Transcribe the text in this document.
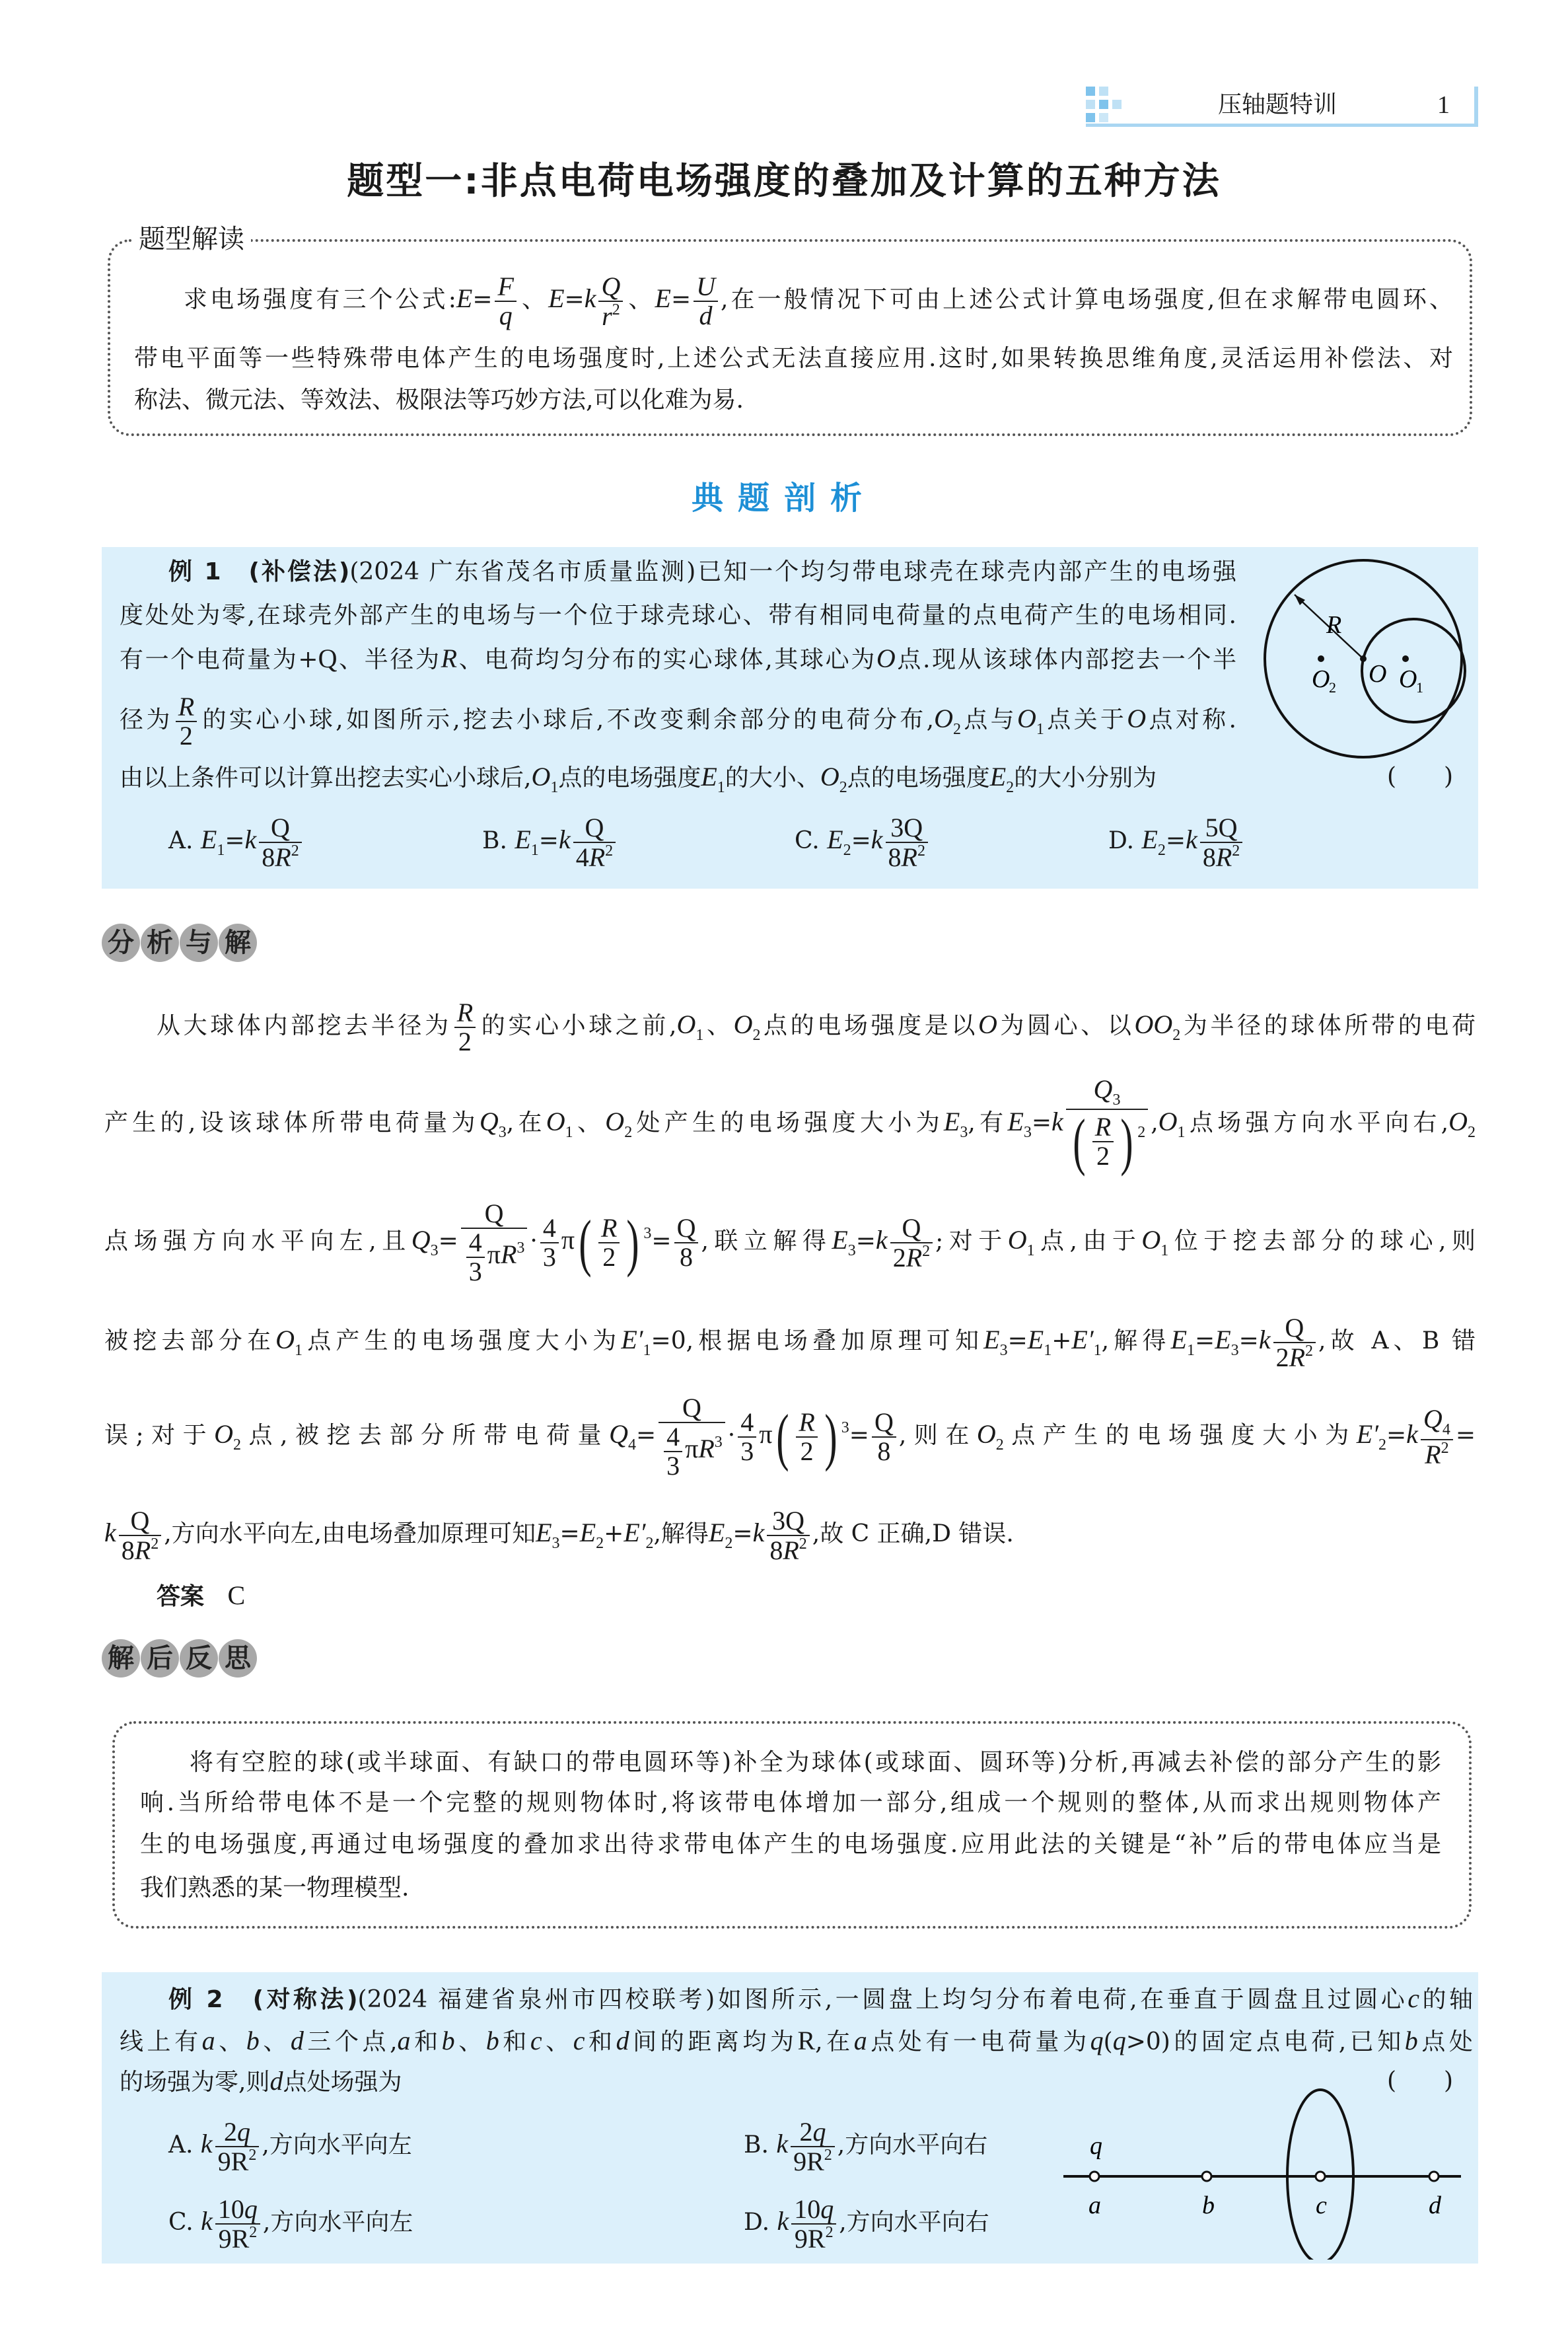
压轴题特训	1
题型一:非点电荷电场强度的叠加及计算的五种方法
题型解读
求电场强度有三个公式:E= $\frac{F}{q}$ 、$E=k \frac{Q}{r^2}$ 、$E= \frac{U}{d}$ ,在一般情况下可由上述公式计算电场强度,但在求解带电圆环、
带电平面等一些特殊带电体产生的电场强度时,上述公式无法直接应用.这时,如果转换思维角度,灵活运用补偿法、对
称法、微元法、等效法、极限法等巧妙方法,可以化难为易.
典题剖析
例 1　(补偿法)(2024 广东省茂名市质量监测)已知一个均匀带电球壳在球壳内部产生的电场强
度处处为零,在球壳外部产生的电场与一个位于球壳球心、带有相同电荷量的点电荷产生的电场相同.
有一个电荷量为+Q、半径为R、电荷均匀分布的实心球体,其球心为O点.现从该球体内部挖去一个半
径为 $\frac{R}{2}$ 的实心小球,如图所示,挖去小球后,不改变剩余部分的电荷分布$,O_2$点与$O_1$点关于O点对称.
由以上条件可以计算出挖去实心小球后$,O_1$点的电场强度$E_1$的大小、$O_2$点的电场强度$E_2$的大小分别为	(　　)
R
O O
1
O
2
A. $E_1=k \frac{Q}{8R^2}$	B. $E_1=k \frac{Q}{4R^2}$	C. $E_2=k \frac{3Q}{8R^2}$	D. $E_2=k \frac{5Q}{8R^2}$
分 析 与 解
从大球体内部挖去半径为 $\frac{R}{2}$ 的实心小球之前$,O_1$、$O_2$点的电场强度是以O为圆心、以$OO_2$为半径的球体所带的电荷
产生的,设该球体所带电荷量为$Q_3$,在$O_1$、$O_2$处产生的电场强度大小为$E_3$,有$E_3=k \frac{Q_3}{( \frac{R}{2} ) ^2} ,O_1$点场强方向水平向右$,O_2$
点场强方向水平向左,且$Q_3= \frac{Q}{\frac{4}{3} \pi R^3} \cdot \frac{4}{3}$ π ( $\frac{R}{2}$ ) $^3= \frac{Q}{8}$ ,联立解得$E_3=k \frac{Q}{2R^2}$ ;对于$O_1$点,由于$O_1$位于挖去部分的球心,则
被挖去部分在$O_1$点产生的电场强度大小为$E'_1=0$,根据电场叠加原理可知$E_3=E_1+E'_1$,解得$E_1=E_3=k \frac{Q}{2R^2}$ ,故 A、B 错
误;对于$O_2$点,被挖去部分所带电荷量$Q_4= \frac{Q}{\frac{4}{3} \pi R^3} \cdot \frac{4}{3}$ π ( $\frac{R}{2}$ ) $^3= \frac{Q}{8}$ ,则在$O_2$点产生的电场强度大小为$E'_2=k \frac{Q_4}{R^2}$ =
k $\frac{Q}{8R^2}$ ,方向水平向左,由电场叠加原理可知$E_3=E_2+E'_2$,解得$E_2=k \frac{3Q}{8R^2}$ ,故 C 正确,D 错误.
答案 C
解 后 反 思
将有空腔的球(或半球面、有缺口的带电圆环等)补全为球体(或球面、圆环等)分析,再减去补偿的部分产生的影
响.当所给带电体不是一个完整的规则物体时,将该带电体增加一部分,组成一个规则的整体,从而求出规则物体产
生的电场强度,再通过电场强度的叠加求出待求带电体产生的电场强度.应用此法的关键是“补”后的带电体应当是
我们熟悉的某一物理模型.
例 2　(对称法)(2024 福建省泉州市四校联考)如图所示,一圆盘上均匀分布着电荷,在垂直于圆盘且过圆心c的轴
线上有a、b、d三个点,a和b、b和c、c和d间的距离均为R,在a点处有一电荷量为q(q>0)的固定点电荷,已知b点处
的场强为零,则d点处场强为	(　　)
A. k $\frac{2q}{9R^2}$ ,方向水平向左	B. k $\frac{2q}{9R^2}$ ,方向水平向右
C. k $\frac{10q}{9R^2}$ ,方向水平向左	D. k $\frac{10q}{9R^2}$ ,方向水平向右
q
a	b	c	d
